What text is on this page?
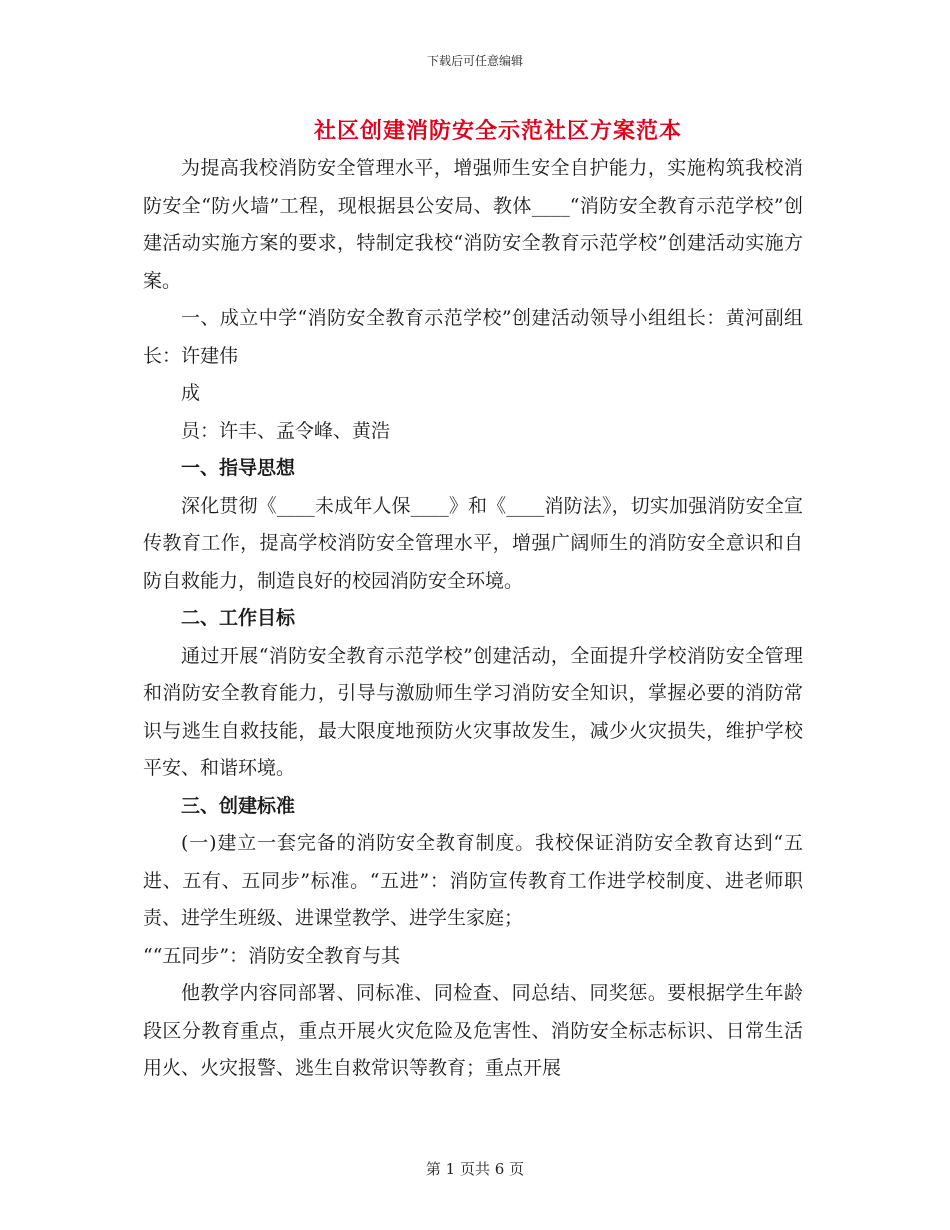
下载后可任意编辑
社区创建消防安全示范社区方案范本

为提高我校消防安全管理水平，增强师生安全自护能力，实施构筑我校消防安全“防火墙”工程，现根据县公安局、教体____“消防安全教育示范学校”创建活动实施方案的要求，特制定我校“消防安全教育示范学校”创建活动实施方案。

一、成立中学“消防安全教育示范学校”创建活动领导小组组长：黄河副组长：许建伟

成

员：许丰、孟令峰、黄浩

一、指导思想

深化贯彻《____未成年人保____》和《____消防法》，切实加强消防安全宣传教育工作，提高学校消防安全管理水平，增强广阔师生的消防安全意识和自防自救能力，制造良好的校园消防安全环境。

二、工作目标

通过开展“消防安全教育示范学校”创建活动，全面提升学校消防安全管理和消防安全教育能力，引导与激励师生学习消防安全知识，掌握必要的消防常识与逃生自救技能，最大限度地预防火灾事故发生，减少火灾损失，维护学校平安、和谐环境。

三、创建标准

(一)建立一套完备的消防安全教育制度。我校保证消防安全教育达到“五进、五有、五同步”标准。“五进”：消防宣传教育工作进学校制度、进老师职责、进学生班级、进课堂教学、进学生家庭；

““五同步”：消防安全教育与其

他教学内容同部署、同标准、同检查、同总结、同奖惩。要根据学生年龄段区分教育重点，重点开展火灾危险及危害性、消防安全标志标识、日常生活用火、火灾报警、逃生自救常识等教育；重点开展

第 1 页共 6 页
